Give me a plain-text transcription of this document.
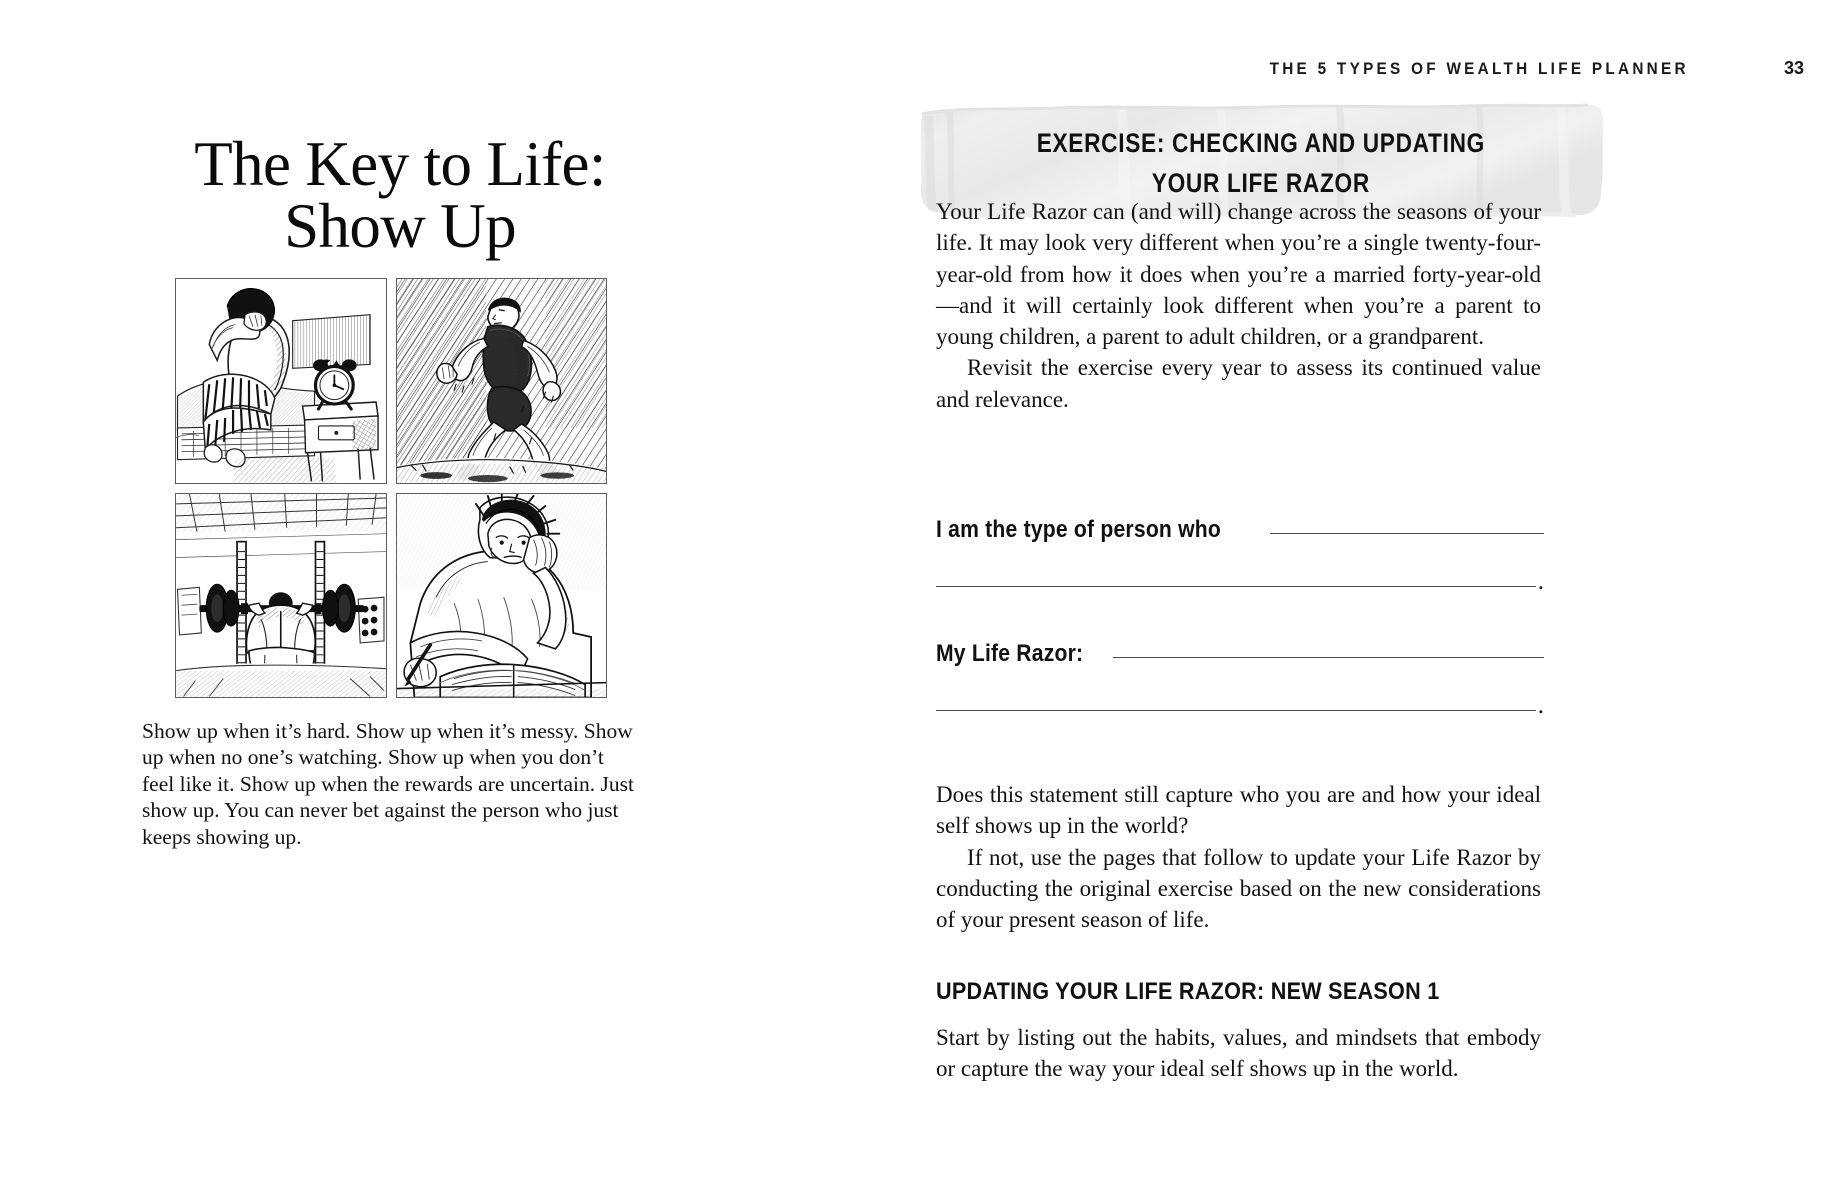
The Key to Life:
Show Up
Show up when it’s hard. Show up when it’s messy. Show up when no one’s watching. Show up when you don’t feel like it. Show up when the rewards are uncertain. Just show up. You can never bet against the person who just keeps showing up.
THE 5 TYPES OF WEALTH LIFE PLANNER	33
EXERCISE: CHECKING AND UPDATING
YOUR LIFE RAZOR

Your Life Razor can (and will) change across the seasons of your life. It may look very different when you’re a single twenty-four-year-old from how it does when you’re a married forty-year-old—and it will certainly look different when you’re a parent to young children, a parent to adult children, or a grandparent.

Revisit the exercise every year to assess its continued value and relevance.

I am the type of person who
.
My Life Razor:
.

Does this statement still capture who you are and how your ideal self shows up in the world?

If not, use the pages that follow to update your Life Razor by conducting the original exercise based on the new considerations of your present season of life.

UPDATING YOUR LIFE RAZOR: NEW SEASON 1

Start by listing out the habits, values, and mindsets that embody or capture the way your ideal self shows up in the world.
